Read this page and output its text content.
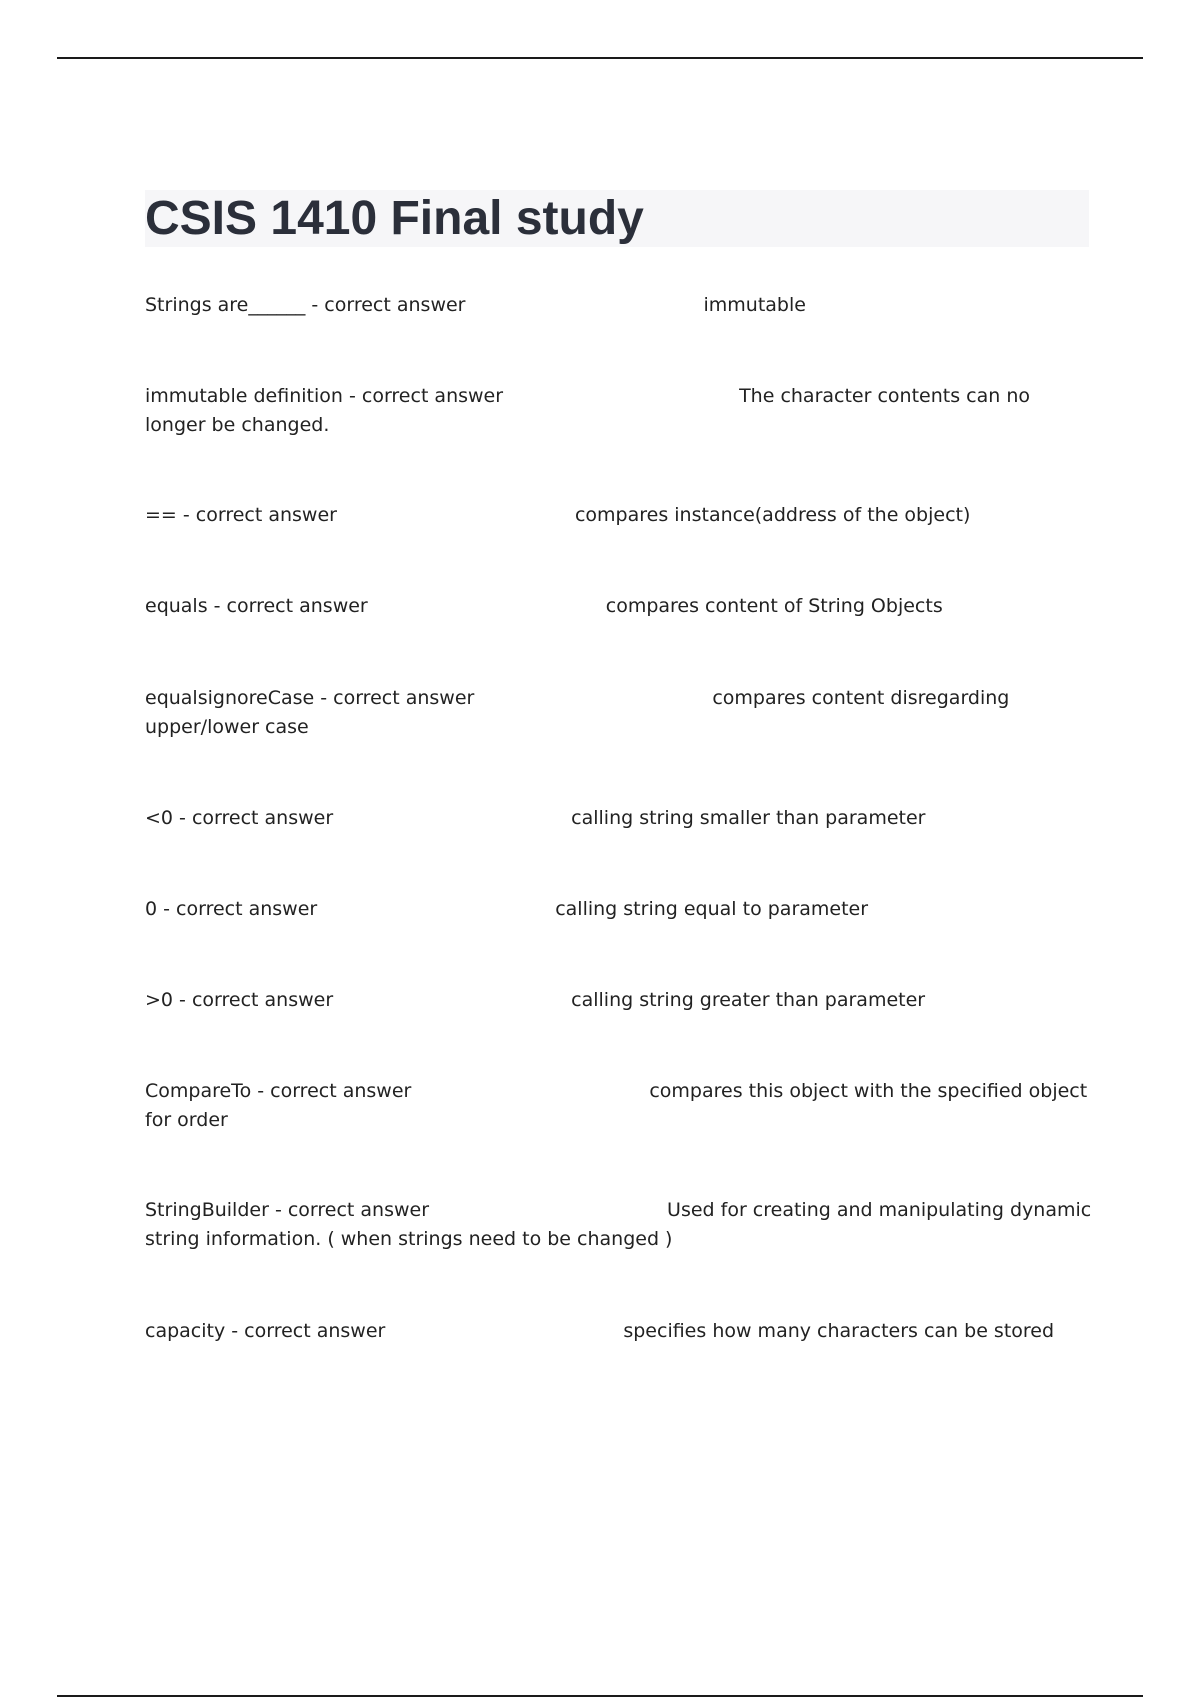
CSIS 1410 Final study

Strings are______ - correct answer	immutable

immutable definition - correct answer	The character contents can no longer be changed.

== - correct answer	compares instance(address of the object)

equals - correct answer	compares content of String Objects

equalsignoreCase - correct answer	compares content disregarding upper/lower case

<0 - correct answer	calling string smaller than parameter

0 - correct answer	calling string equal to parameter

>0 - correct answer	calling string greater than parameter

CompareTo - correct answer	compares this object with the specified object for order

StringBuilder - correct answer	Used for creating and manipulating dynamic string information. ( when strings need to be changed )

capacity - correct answer	specifies how many characters can be stored
